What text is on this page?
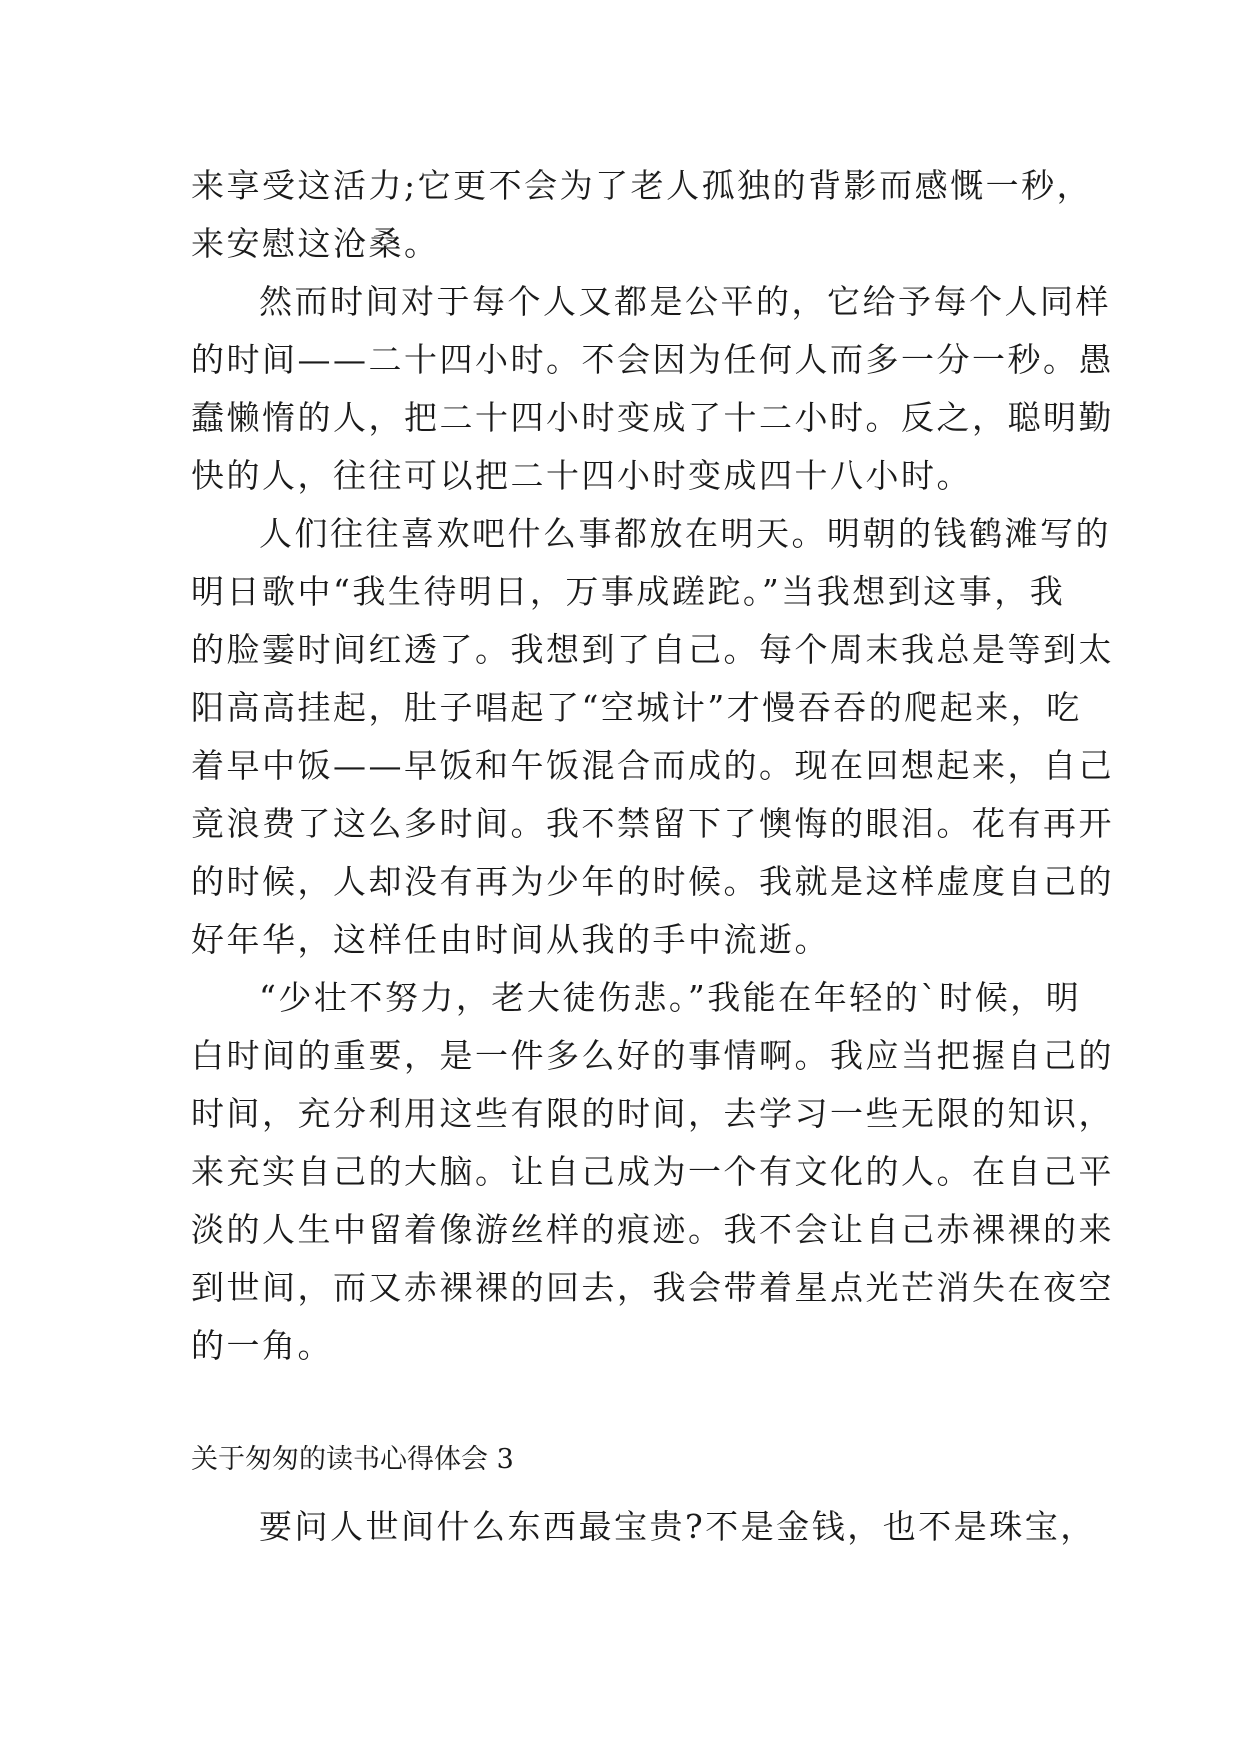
来享受这活力;它更不会为了老人孤独的背影而感慨一秒，
来安慰这沧桑。
然而时间对于每个人又都是公平的，它给予每个人同样
的时间——二十四小时。不会因为任何人而多一分一秒。愚
蠢懒惰的人，把二十四小时变成了十二小时。反之，聪明勤
快的人，往往可以把二十四小时变成四十八小时。
人们往往喜欢吧什么事都放在明天。明朝的钱鹤滩写的
明日歌中“我生待明日，万事成蹉跎。”当我想到这事，我
的脸霎时间红透了。我想到了自己。每个周末我总是等到太
阳高高挂起，肚子唱起了“空城计”才慢吞吞的爬起来，吃
着早中饭——早饭和午饭混合而成的。现在回想起来，自己
竟浪费了这么多时间。我不禁留下了懊悔的眼泪。花有再开
的时候，人却没有再为少年的时候。我就是这样虚度自己的
好年华，这样任由时间从我的手中流逝。
“少壮不努力，老大徒伤悲。”我能在年轻的`时候，明
白时间的重要，是一件多么好的事情啊。我应当把握自己的
时间，充分利用这些有限的时间，去学习一些无限的知识，
来充实自己的大脑。让自己成为一个有文化的人。在自己平
淡的人生中留着像游丝样的痕迹。我不会让自己赤裸裸的来
到世间，而又赤裸裸的回去，我会带着星点光芒消失在夜空
的一角。
关于匆匆的读书心得体会 3
要问人世间什么东西最宝贵?不是金钱，也不是珠宝，
